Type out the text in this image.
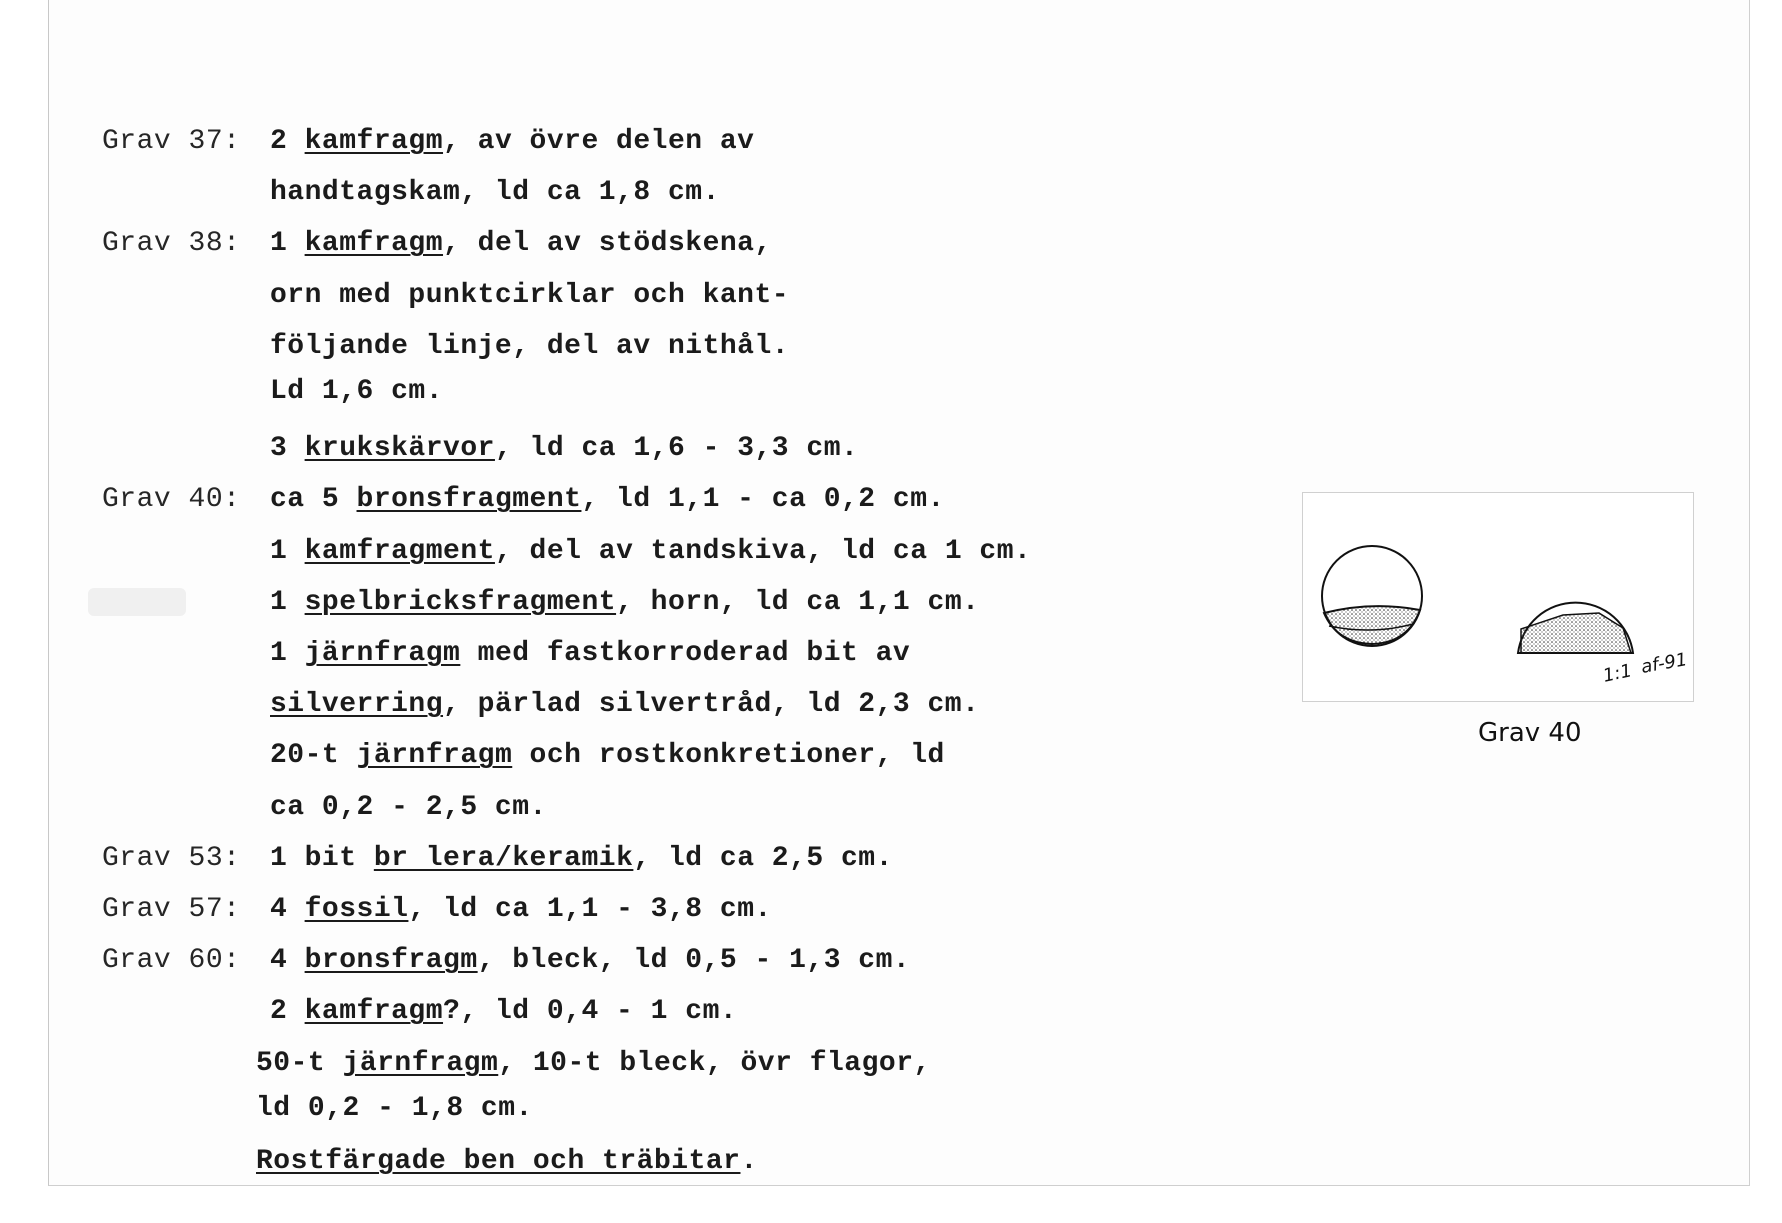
Grav 37: 2 kamfragm, av övre delen av
handtagskam, ld ca 1,8 cm.
Grav 38: 1 kamfragm, del av stödskena,
orn med punktcirklar och kant-
följande linje, del av nithål.
Ld 1,6 cm.
3 krukskärvor, ld ca 1,6 - 3,3 cm.
Grav 40: ca 5 bronsfragment, ld 1,1 - ca 0,2 cm.
1 kamfragment, del av tandskiva, ld ca 1 cm.
1 spelbricksfragment, horn, ld ca 1,1 cm.
1 järnfragm med fastkorroderad bit av
silverring, pärlad silvertråd, ld 2,3 cm.
20-t järnfragm och rostkonkretioner, ld
ca 0,2 - 2,5 cm.
Grav 53: 1 bit br lera/keramik, ld ca 2,5 cm.
Grav 57: 4 fossil, ld ca 1,1 - 3,8 cm.
Grav 60: 4 bronsfragm, bleck, ld 0,5 - 1,3 cm.
2 kamfragm?, ld 0,4 - 1 cm.
50-t järnfragm, 10-t bleck, övr flagor,
ld 0,2 - 1,8 cm.
Rostfärgade ben och träbitar.
1:1 af-91
Grav 40
